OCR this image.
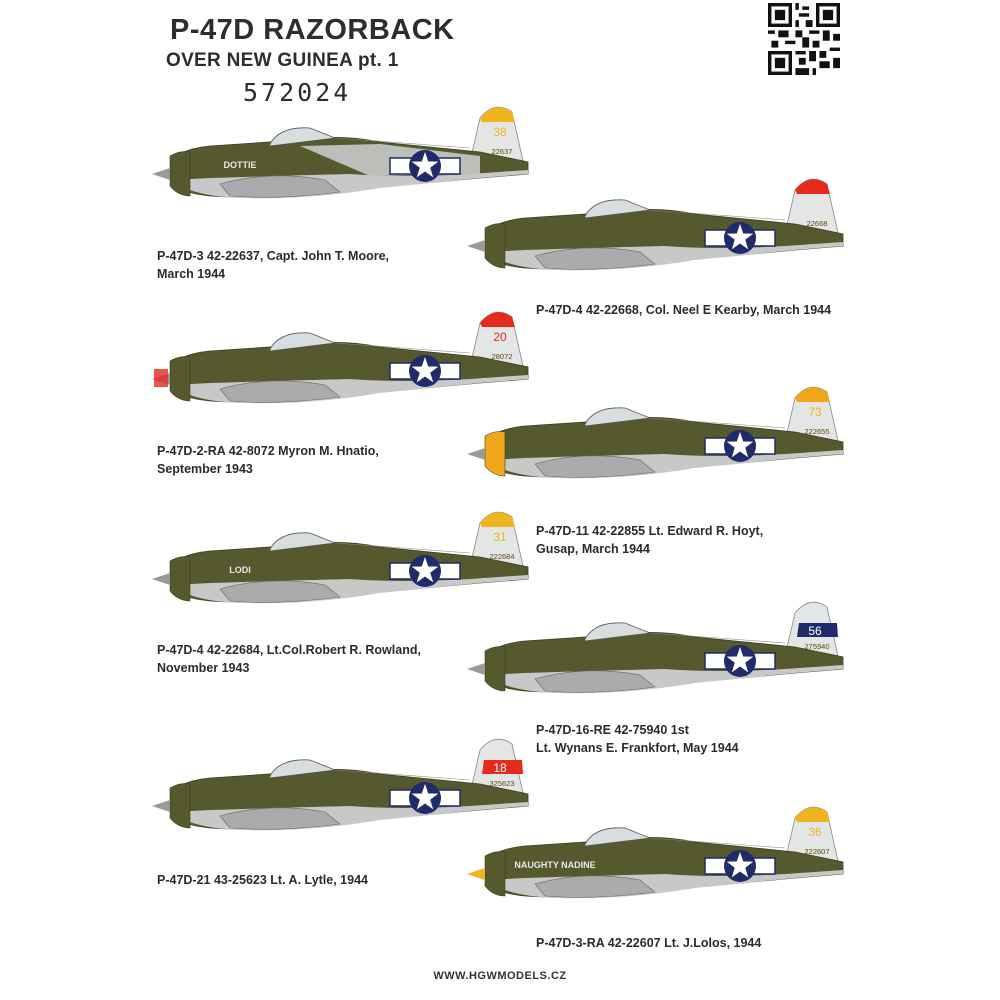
P-47D RAZORBACK
OVER NEW GUINEA pt. 1
572024
38
22637
DOTTIE
22668
20
28072
73
222655
31
222684
LODI
56
275940
18
325623
36
222607
NAUGHTY NADINE
P-47D-3 42-22637, Capt. John T. Moore,
March 1944
P-47D-4 42-22668, Col. Neel E Kearby, March 1944
P-47D-2-RA 42-8072 Myron M. Hnatio,
September 1943
P-47D-11 42-22855 Lt. Edward R. Hoyt,
Gusap, March 1944
P-47D-4 42-22684, Lt.Col.Robert R. Rowland,
November 1943
P-47D-16-RE 42-75940 1st
Lt. Wynans E. Frankfort, May 1944
P-47D-21 43-25623 Lt. A. Lytle, 1944
P-47D-3-RA 42-22607 Lt. J.Lolos, 1944
WWW.HGWMODELS.CZ
